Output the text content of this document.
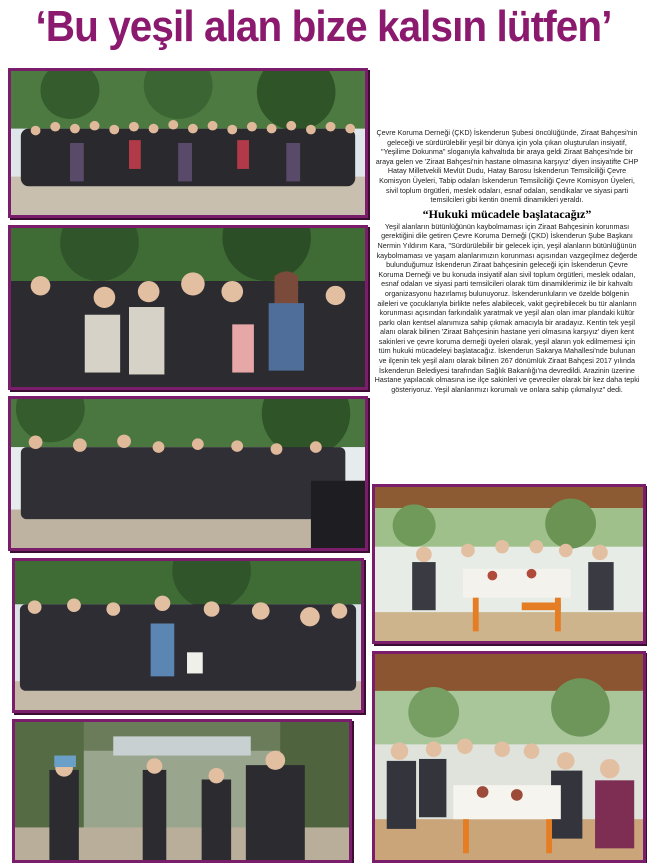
‘Bu yeşil alan bize kalsın lütfen’

Çevre Koruma Derneği (ÇKD) İskenderun Şubesi öncülüğünde, Ziraat Bahçesi'nin geleceği ve sürdürülebilir yeşil bir dünya için yola çıkan oluşturulan insiyatif, "Yeşilime Dokunma" sloganıyla kahvaltıda bir araya geldi Ziraat Bahçesi'nde bir araya gelen ve 'Ziraat Bahçesi'nin hastane olmasına karşıyız' diyen insiyatifte CHP Hatay Milletvekili Mevlüt Dudu, Hatay Barosu İskenderun Temsilciliği Çevre Komisyon Üyeleri, Tabip odaları İskenderun Temsilciliği Çevre Komisyon Üyeleri, sivil toplum örgütleri, meslek odaları, esnaf odaları, sendikalar ve siyasi parti temsilcileri gibi kentin önemli dinamikleri yeraldı.

“Hukuki mücadele başlatacağız”

Yeşil alanların bütünlüğünün kaybolmaması için Ziraat Bahçesinin korunması gerektiğini dile getiren Çevre Koruma Derneği (ÇKD) İskenderun Şube Başkanı Nermin Yıldırım Kara, "Sürdürülebilir bir gelecek için, yeşil alanların bütünlüğünün kaybolmaması ve yaşam alanlarımızın korunması açısından vazgeçilmez değerde bulunduğumuz İskenderun Ziraat bahçesinin geleceği için İskenderun Çevre Koruma Derneği ve bu konuda insiyatif alan sivil toplum örgütleri, meslek odaları, esnaf odaları ve siyasi parti temsilcileri olarak tüm dinamiklerimiz ile bir kahvaltı organizasyonu hazırlamış bulunuyoruz. İskenderunluların ve özelde bölgenin aileleri ve çocuklarıyla birlikte nefes alabilecek, vakit geçirebilecek bu tür alanların korunması açısından farkındalık yaratmak ve yeşil alan olan imar plandaki kültür parkı olan kentsel alanımıza sahip çıkmak amacıyla bir aradayız. Kentin tek yeşil alanı olarak bilinen 'Ziraat Bahçesinin hastane yeri olmasına karşıyız' diyen kent sakinleri ve çevre koruma derneği üyeleri olarak, yeşil alanın yok edilmemesi için tüm hukuki mücadeleyi başlatacağız. İskenderun Sakarya Mahallesi'nde bulunan ve ilçenin tek yeşil alanı olarak bilinen 267 dönümlük Ziraat Bahçesi 2017 yılında İskenderun Belediyesi tarafından Sağlık Bakanlığı'na devredildi. Arazinin üzerine Hastane yapılacak olmasına ise ilçe sakinleri ve çevreciler olarak bir kez daha tepki gösteriyoruz. Yeşil alanlarımızı korumalı ve onlara sahip çıkmalıyız" dedi.
